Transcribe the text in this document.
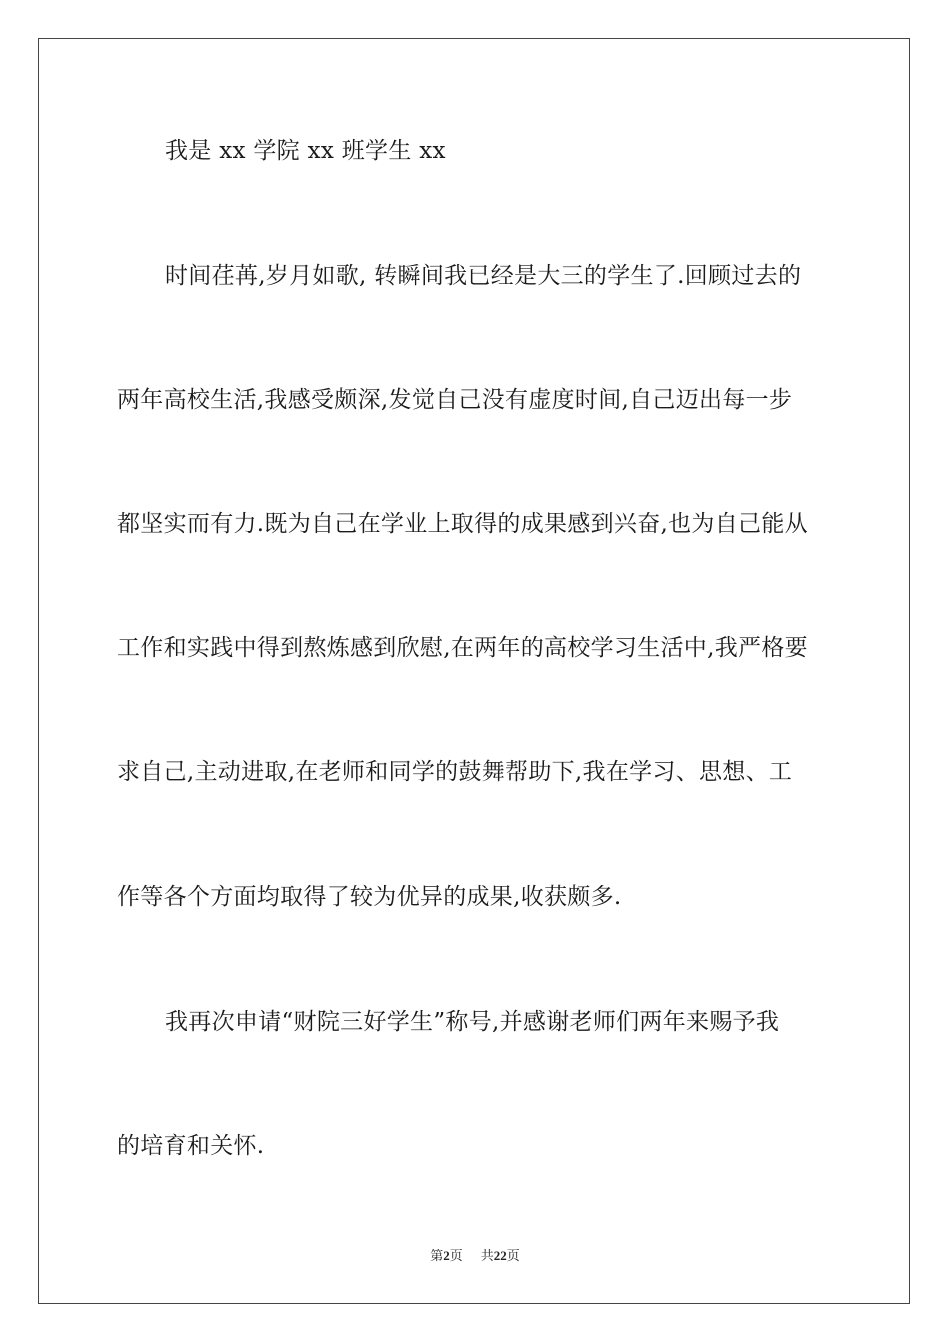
我是 xx 学院 xx 班学生 xx
时间荏苒,岁月如歌, 转瞬间我已经是大三的学生了.回顾过去的
两年高校生活,我感受颇深,发觉自己没有虚度时间,自己迈出每一步
都坚实而有力.既为自己在学业上取得的成果感到兴奋,也为自己能从
工作和实践中得到熬炼感到欣慰,在两年的高校学习生活中,我严格要
求自己,主动进取,在老师和同学的鼓舞帮助下,我在学习、思想、工
作等各个方面均取得了较为优异的成果,收获颇多.
我再次申请“财院三好学生”称号,并感谢老师们两年来赐予我
的培育和关怀.
第2页 共22页
